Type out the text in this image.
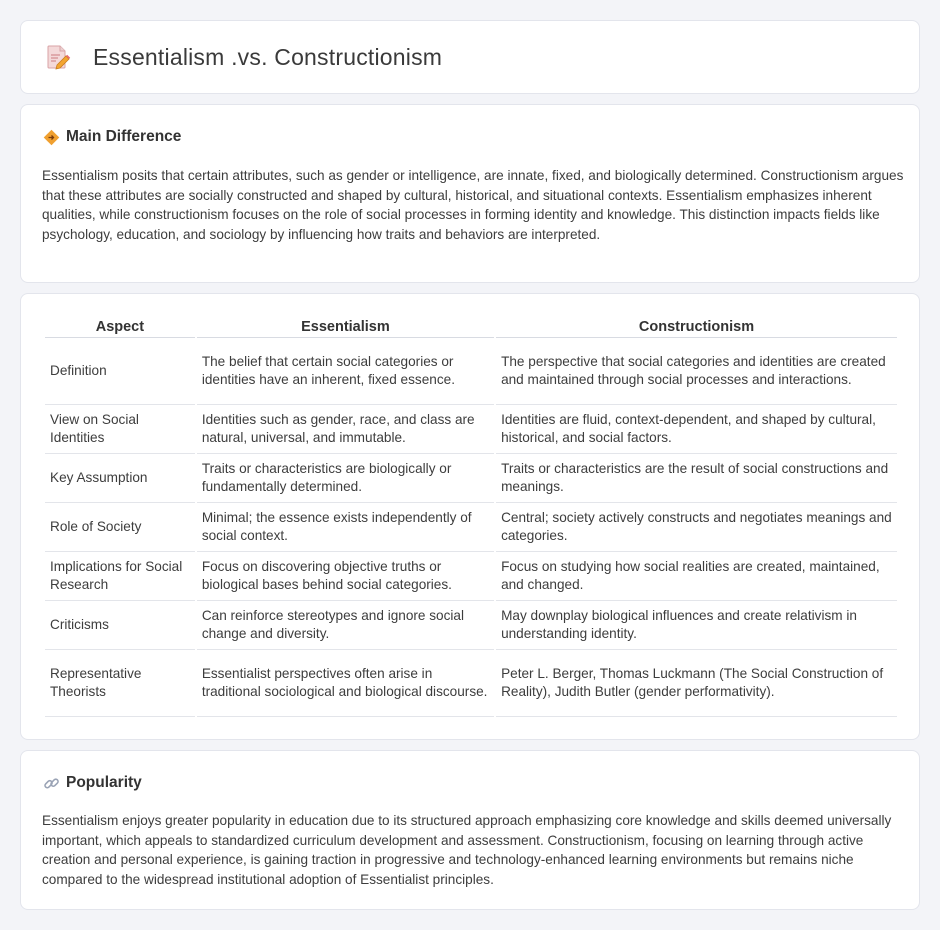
Essentialism .vs. Constructionism
Main Difference

Essentialism posits that certain attributes, such as gender or intelligence, are innate, fixed, and biologically determined. Constructionism argues that these attributes are socially constructed and shaped by cultural, historical, and situational contexts. Essentialism emphasizes inherent qualities, while constructionism focuses on the role of social processes in forming identity and knowledge. This distinction impacts fields like psychology, education, and sociology by influencing how traits and behaviors are interpreted.

Aspect	Essentialism	Constructionism
Definition	The belief that certain social categories or identities have an inherent, fixed essence.	The perspective that social categories and identities are created and maintained through social processes and interactions.
View on Social Identities	Identities such as gender, race, and class are natural, universal, and immutable.	Identities are fluid, context-dependent, and shaped by cultural, historical, and social factors.
Key Assumption	Traits or characteristics are biologically or fundamentally determined.	Traits or characteristics are the result of social constructions and meanings.
Role of Society	Minimal; the essence exists independently of social context.	Central; society actively constructs and negotiates meanings and categories.
Implications for Social Research	Focus on discovering objective truths or biological bases behind social categories.	Focus on studying how social realities are created, maintained, and changed.
Criticisms	Can reinforce stereotypes and ignore social change and diversity.	May downplay biological influences and create relativism in understanding identity.
Representative Theorists	Essentialist perspectives often arise in traditional sociological and biological discourse.	Peter L. Berger, Thomas Luckmann (The Social Construction of Reality), Judith Butler (gender performativity).
Popularity

Essentialism enjoys greater popularity in education due to its structured approach emphasizing core knowledge and skills deemed universally important, which appeals to standardized curriculum development and assessment. Constructionism, focusing on learning through active creation and personal experience, is gaining traction in progressive and technology-enhanced learning environments but remains niche compared to the widespread institutional adoption of Essentialist principles.
